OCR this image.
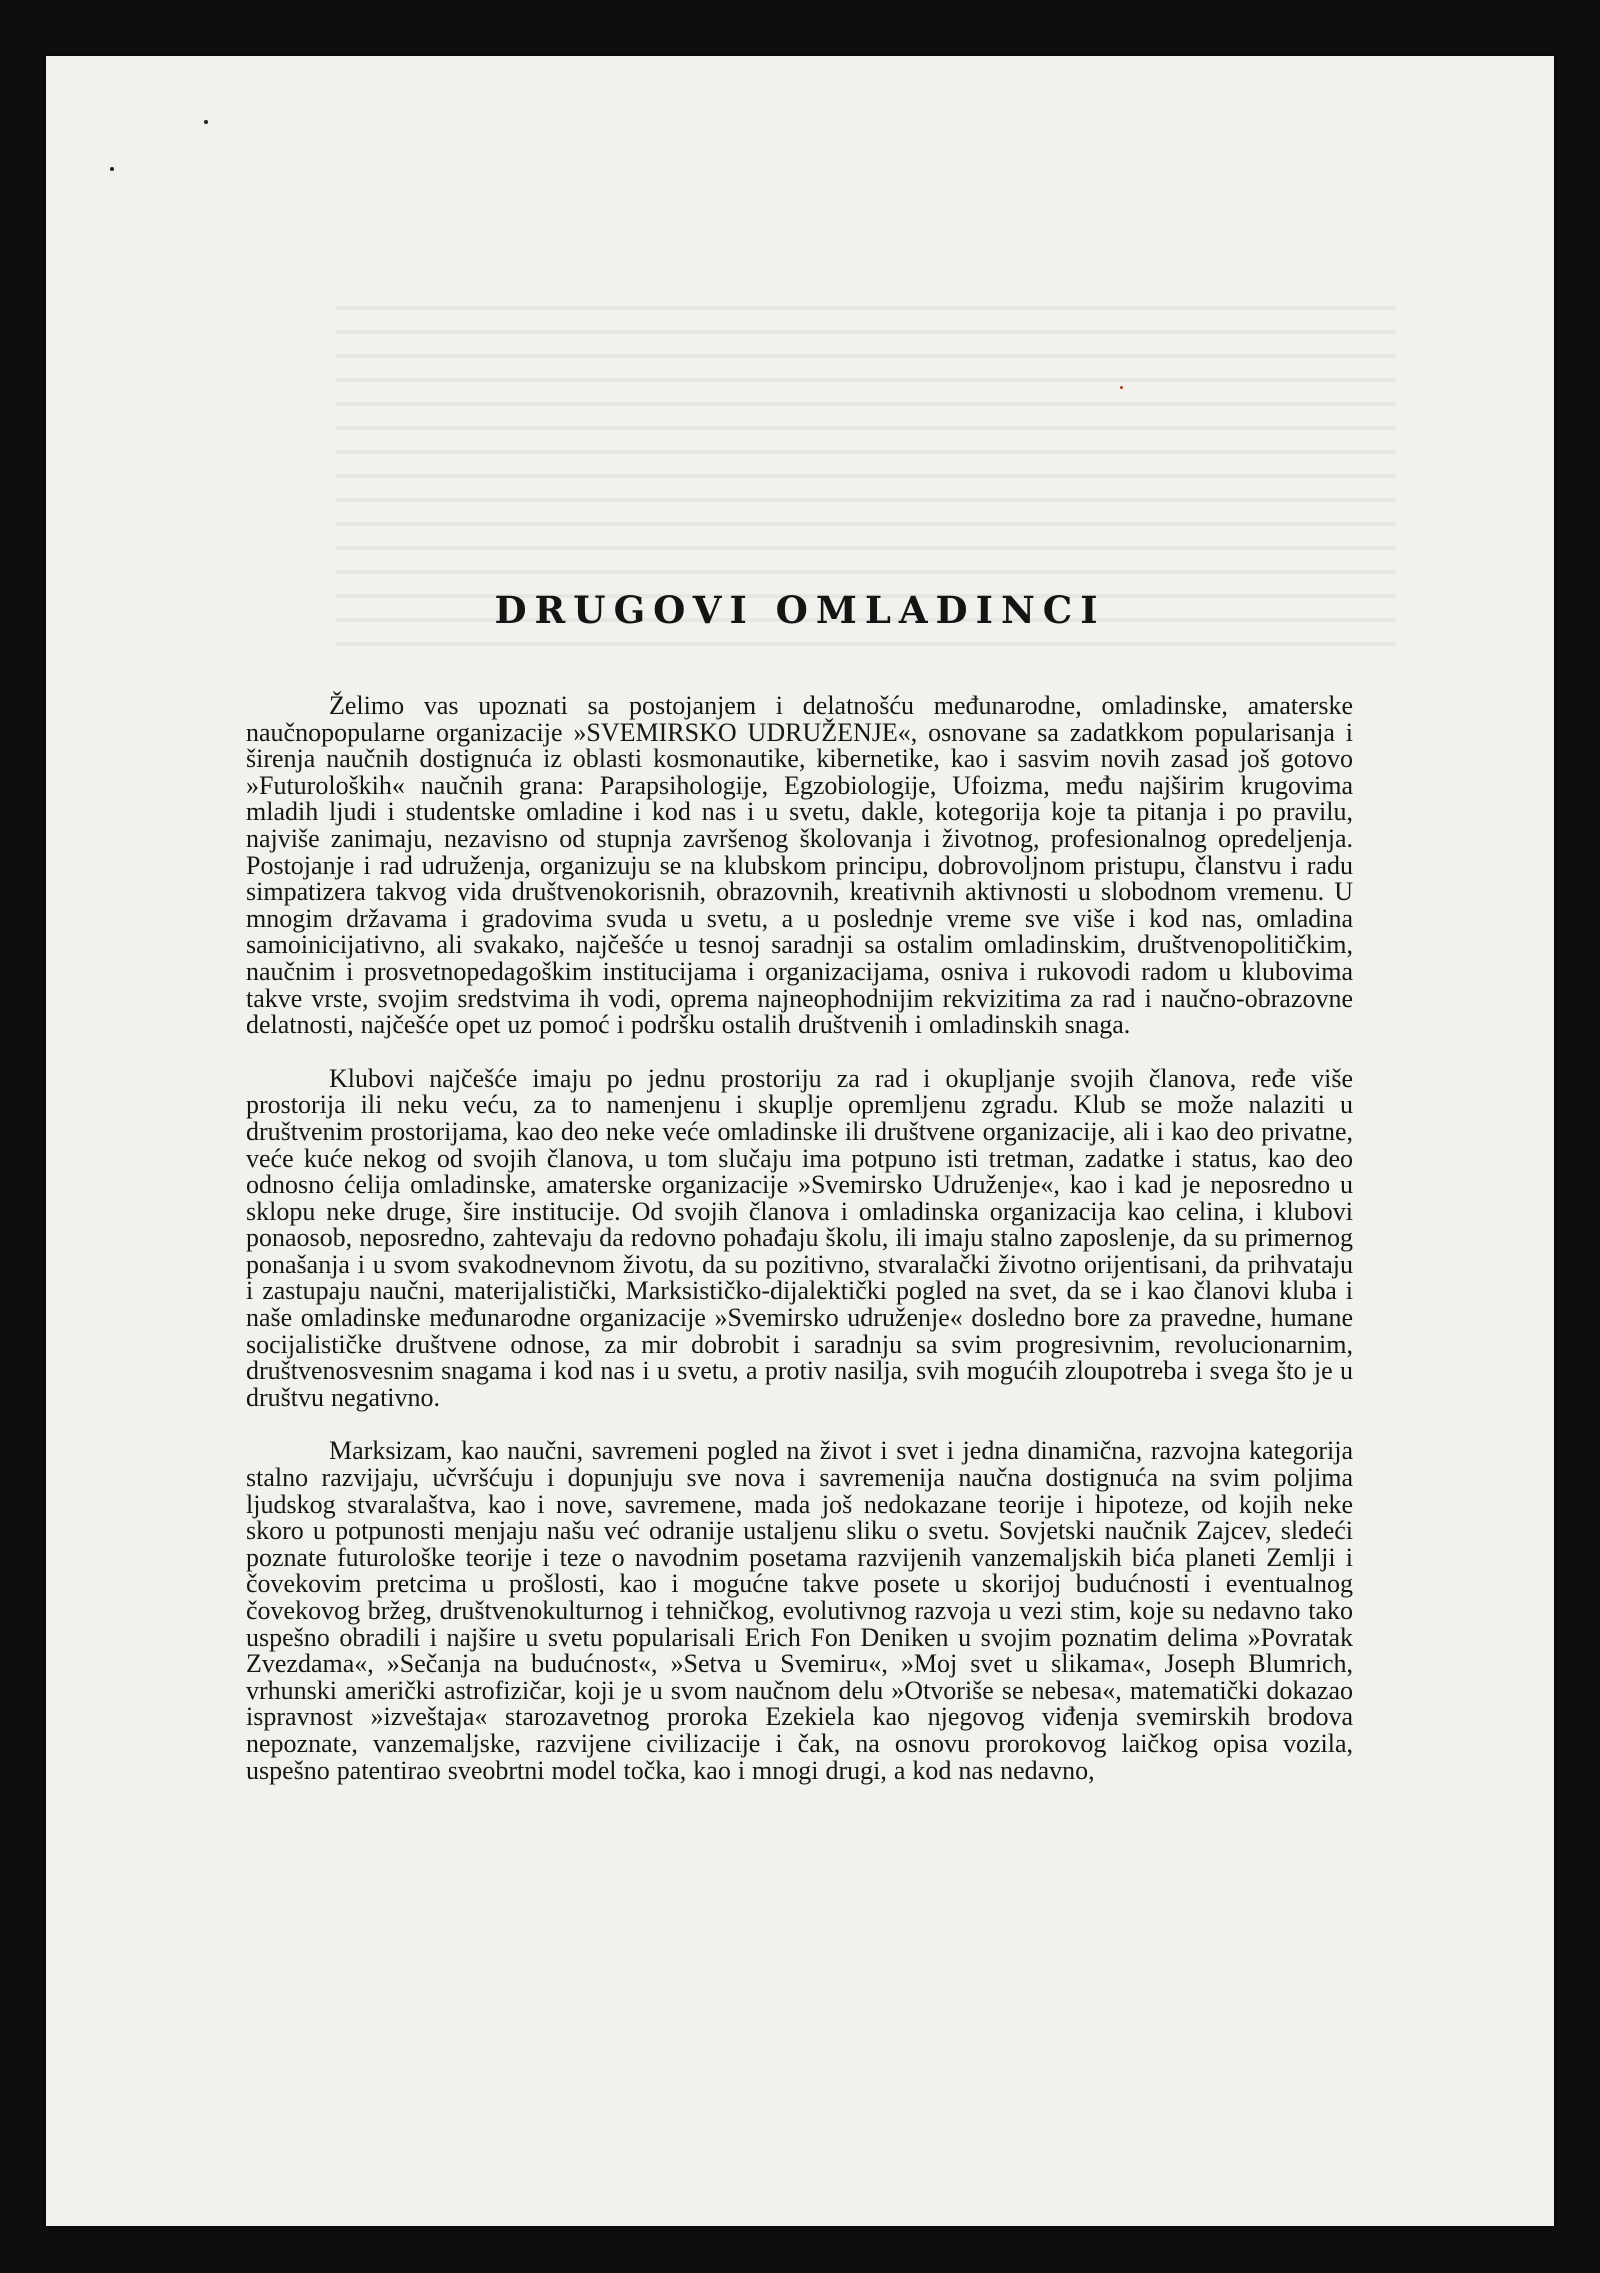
DRUGOVI OMLADINCI

Želimo vas upoznati sa postojanjem i delatnošću međunarodne, omladinske, amaterske naučnopopularne organizacije »SVEMIRSKO UDRUŽENJE«, osnovane sa zadatkkom popularisanja i širenja naučnih dostignuća iz oblasti kosmonautike, kibernetike, kao i sasvim novih zasad još gotovo »Futuroloških« naučnih grana: Parapsihologije, Egzobiologije, Ufoizma, među najširim krugovima mladih ljudi i studentske omladine i kod nas i u svetu, dakle, kotegorija koje ta pitanja i po pravilu, najviše zanimaju, nezavisno od stupnja završenog školovanja i životnog, profesionalnog opredeljenja. Postojanje i rad udruženja, organizuju se na klubskom principu, dobrovoljnom pristupu, članstvu i radu simpatizera takvog vida društvenokorisnih, obrazovnih, kreativnih aktivnosti u slobodnom vremenu. U mnogim državama i gradovima svuda u svetu, a u poslednje vreme sve više i kod nas, omladina samoinicijativno, ali svakako, najčešće u tesnoj saradnji sa ostalim omladinskim, društvenopolitičkim, naučnim i prosvetnopedagoškim institucijama i organizacijama, osniva i rukovodi radom u klubovima takve vrste, svojim sredstvima ih vodi, oprema najneophodnijim rekvizitima za rad i naučno-obrazovne delatnosti, najčešće opet uz pomoć i podršku ostalih društvenih i omladinskih snaga.

Klubovi najčešće imaju po jednu prostoriju za rad i okupljanje svojih članova, ređe više prostorija ili neku veću, za to namenjenu i skuplje opremljenu zgradu. Klub se može nalaziti u društvenim prostorijama, kao deo neke veće omladinske ili društvene organizacije, ali i kao deo privatne, veće kuće nekog od svojih članova, u tom slučaju ima potpuno isti tretman, zadatke i status, kao deo odnosno ćelija omladinske, amaterske organizacije »Svemirsko Udruženje«, kao i kad je neposredno u sklopu neke druge, šire institucije. Od svojih članova i omladinska organizacija kao celina, i klubovi ponaosob, neposredno, zahtevaju da redovno pohađaju školu, ili imaju stalno zaposlenje, da su primernog ponašanja i u svom svakodnevnom životu, da su pozitivno, stvaralački životno orijentisani, da prihvataju i zastupaju naučni, materijalistički, Marksističko-dijalektički pogled na svet, da se i kao članovi kluba i naše omladinske međunarodne organizacije »Svemirsko udruženje« dosledno bore za pravedne, humane socijalističke društvene odnose, za mir dobrobit i saradnju sa svim progresivnim, revolucionarnim, društvenosvesnim snagama i kod nas i u svetu, a protiv nasilja, svih mogućih zloupotreba i svega što je u društvu negativno.

Marksizam, kao naučni, savremeni pogled na život i svet i jedna dinamična, razvojna kategorija stalno razvijaju, učvršćuju i dopunjuju sve nova i savremenija naučna dostignuća na svim poljima ljudskog stvaralaštva, kao i nove, savremene, mada još nedokazane teorije i hipoteze, od kojih neke skoro u potpunosti menjaju našu već odranije ustaljenu sliku o svetu. Sovjetski naučnik Zajcev, sledeći poznate futurološke teorije i teze o navodnim posetama razvijenih vanzemaljskih bića planeti Zemlji i čovekovim pretcima u prošlosti, kao i mogućne takve posete u skorijoj budućnosti i eventualnog čovekovog bržeg, društvenokulturnog i tehničkog, evolutivnog razvoja u vezi stim, koje su nedavno tako uspešno obradili i najšire u svetu popularisali Erich Fon Deniken u svojim poznatim delima »Povratak Zvezdama«, »Sečanja na budućnost«, »Setva u Svemiru«, »Moj svet u slikama«, Joseph Blumrich, vrhunski američki astrofizičar, koji je u svom naučnom delu »Otvoriše se nebesa«, matematički dokazao ispravnost »izveštaja« starozavetnog proroka Ezekiela kao njegovog viđenja svemirskih brodova nepoznate, vanzemaljske, razvijene civilizacije i čak, na osnovu prorokovog laičkog opisa vozila, uspešno patentirao sveobrtni model točka, kao i mnogi drugi, a kod nas nedavno,
